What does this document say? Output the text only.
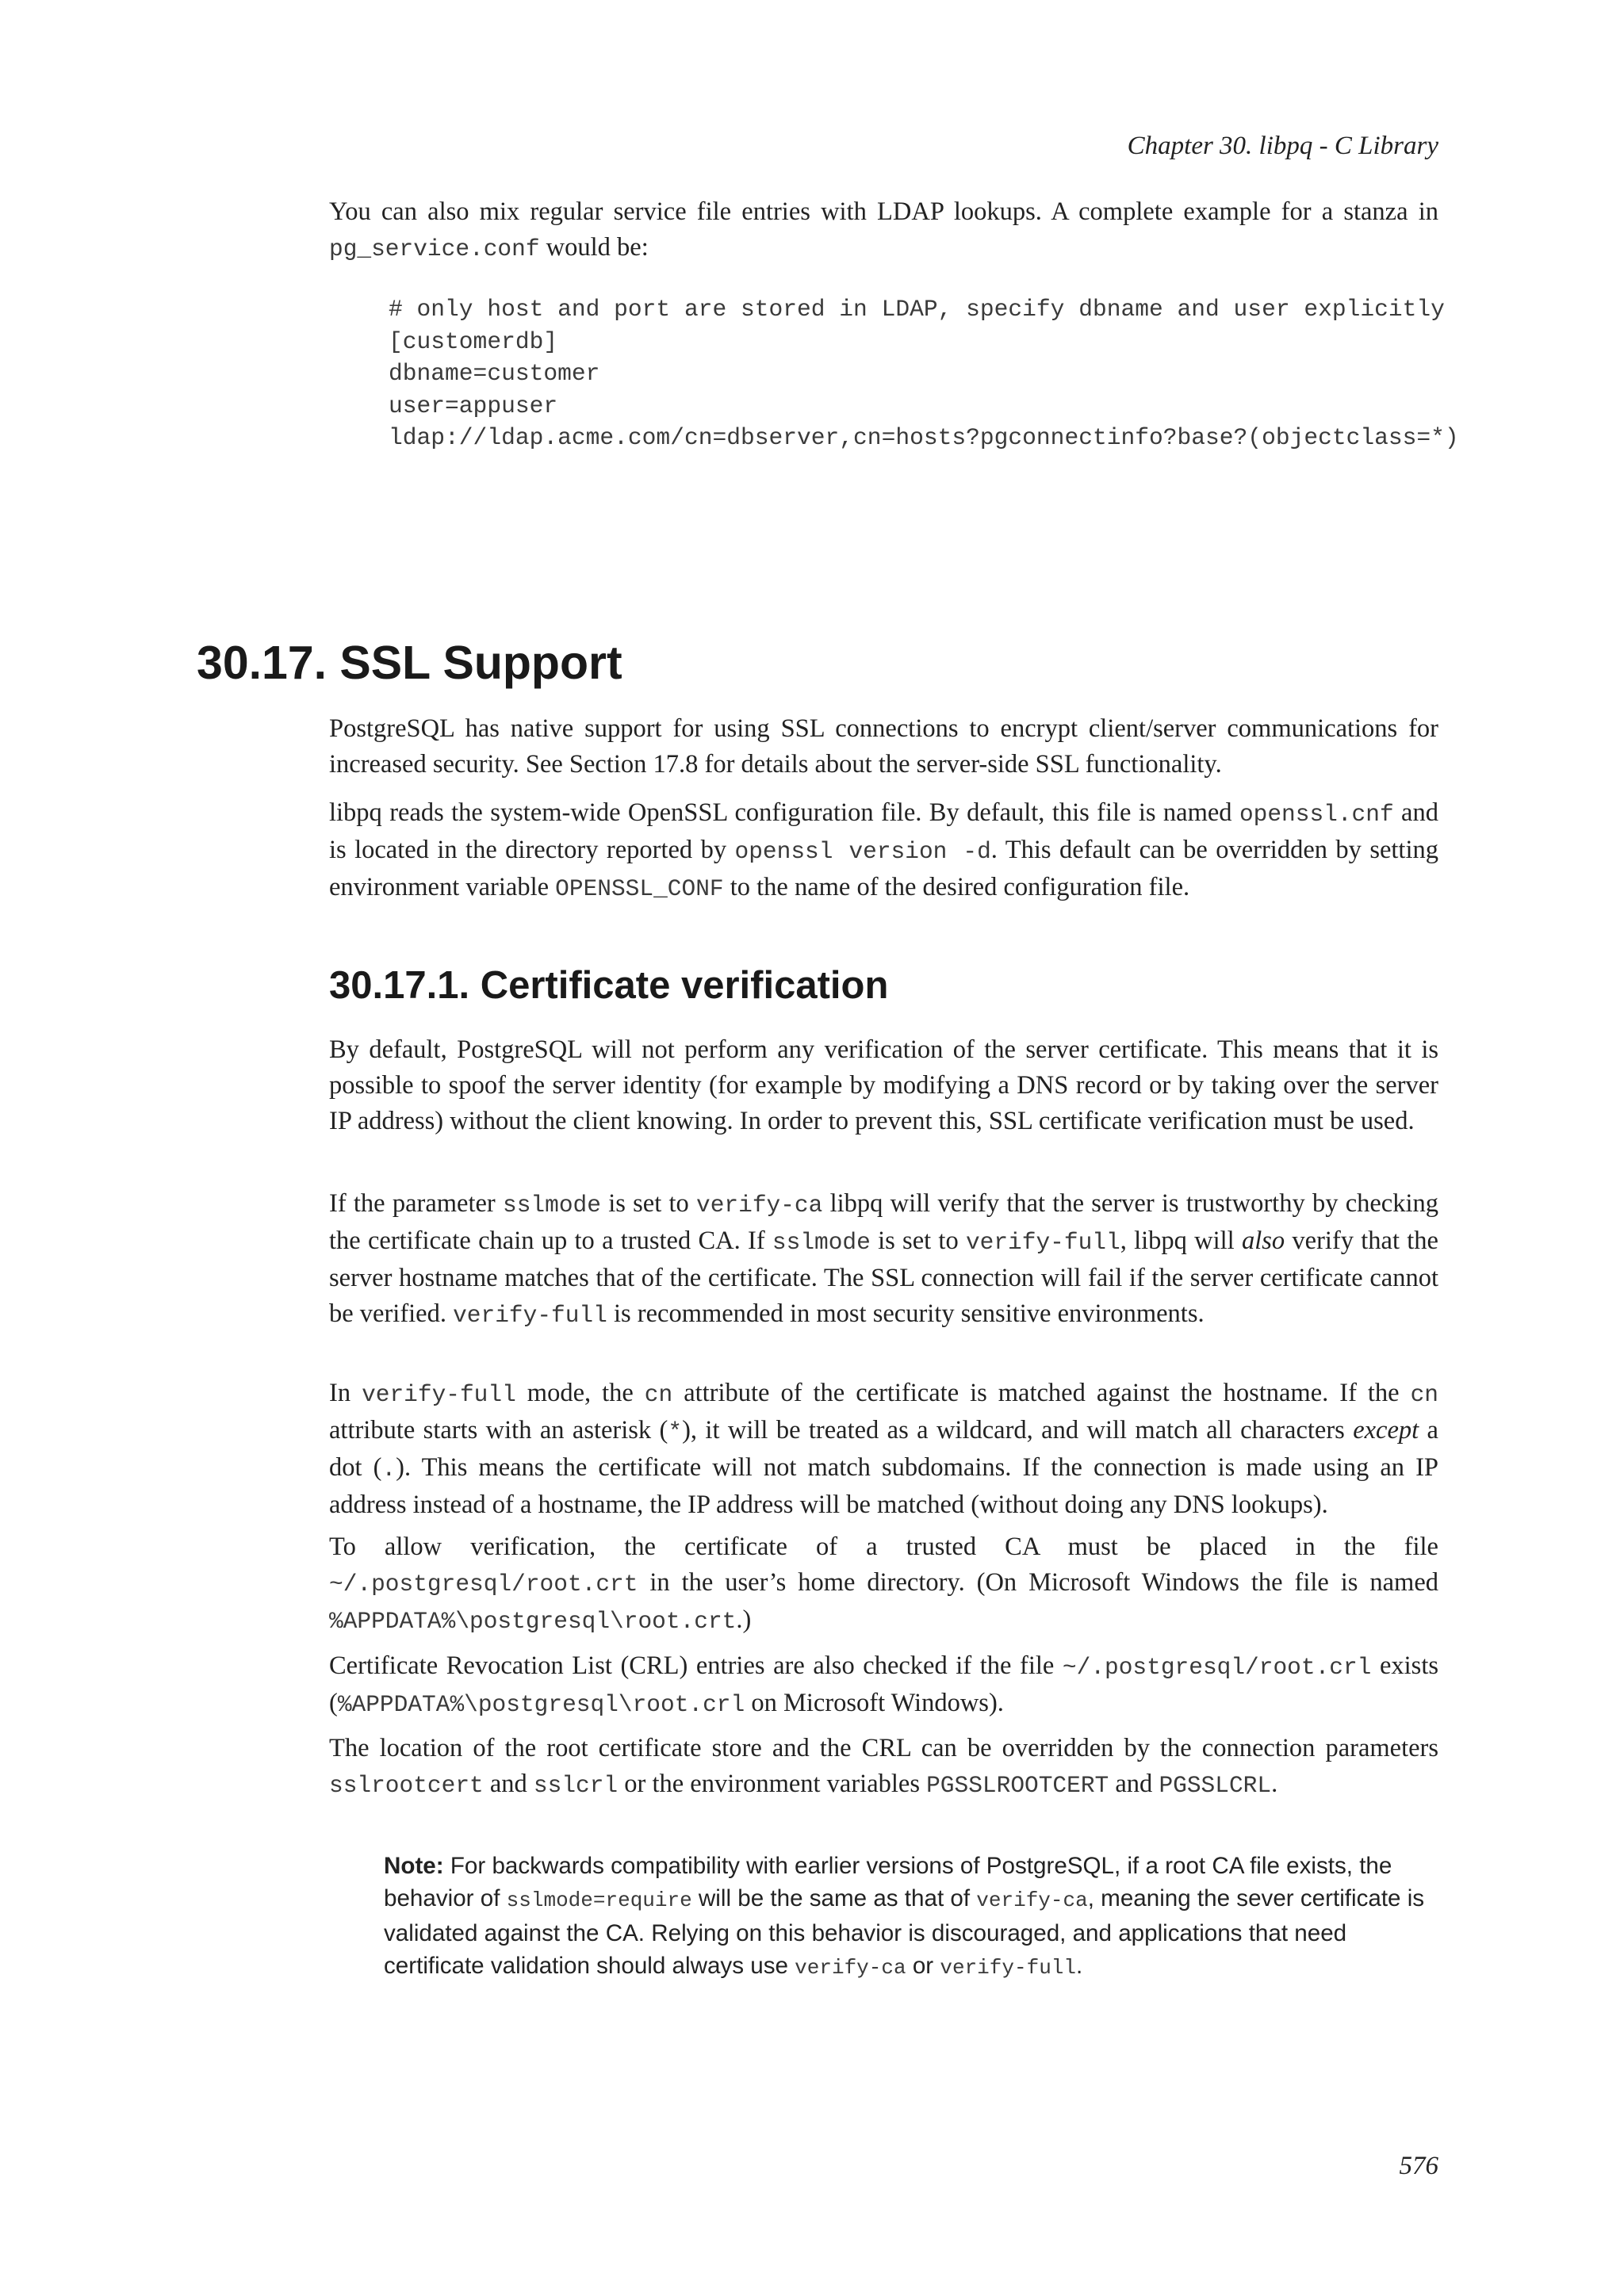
Chapter 30. libpq - C Library

You can also mix regular service file entries with LDAP lookups. A complete example for a stanza in pg_service.conf would be:

# only host and port are stored in LDAP, specify dbname and user explicitly
[customerdb]
dbname=customer
user=appuser
ldap://ldap.acme.com/cn=dbserver,cn=hosts?pgconnectinfo?base?(objectclass=*)
30.17. SSL Support

PostgreSQL has native support for using SSL connections to encrypt client/server communications for increased security. See Section 17.8 for details about the server-side SSL functionality.

libpq reads the system-wide OpenSSL configuration file. By default, this file is named openssl.cnf and is located in the directory reported by openssl version -d. This default can be overridden by setting environment variable OPENSSL_CONF to the name of the desired configuration file.

30.17.1. Certificate verification

By default, PostgreSQL will not perform any verification of the server certificate. This means that it is possible to spoof the server identity (for example by modifying a DNS record or by taking over the server IP address) without the client knowing. In order to prevent this, SSL certificate verification must be used.

If the parameter sslmode is set to verify-ca libpq will verify that the server is trustworthy by checking the certificate chain up to a trusted CA. If sslmode is set to verify-full, libpq will also verify that the server hostname matches that of the certificate. The SSL connection will fail if the server certificate cannot be verified. verify-full is recommended in most security sensitive environments.

In verify-full mode, the cn attribute of the certificate is matched against the hostname. If the cn attribute starts with an asterisk (*), it will be treated as a wildcard, and will match all characters except a dot (.). This means the certificate will not match subdomains. If the connection is made using an IP address instead of a hostname, the IP address will be matched (without doing any DNS lookups).

To allow verification, the certificate of a trusted CA must be placed in the file ~/.postgresql/root.crt in the user’s home directory. (On Microsoft Windows the file is named %APPDATA%\postgresql\root.crt.)

Certificate Revocation List (CRL) entries are also checked if the file ~/.postgresql/root.crl exists (%APPDATA%\postgresql\root.crl on Microsoft Windows).

The location of the root certificate store and the CRL can be overridden by the connection parameters sslrootcert and sslcrl or the environment variables PGSSLROOTCERT and PGSSLCRL.

Note: For backwards compatibility with earlier versions of PostgreSQL, if a root CA file exists, the behavior of sslmode=require will be the same as that of verify-ca, meaning the sever certificate is validated against the CA. Relying on this behavior is discouraged, and applications that need certificate validation should always use verify-ca or verify-full.

576
